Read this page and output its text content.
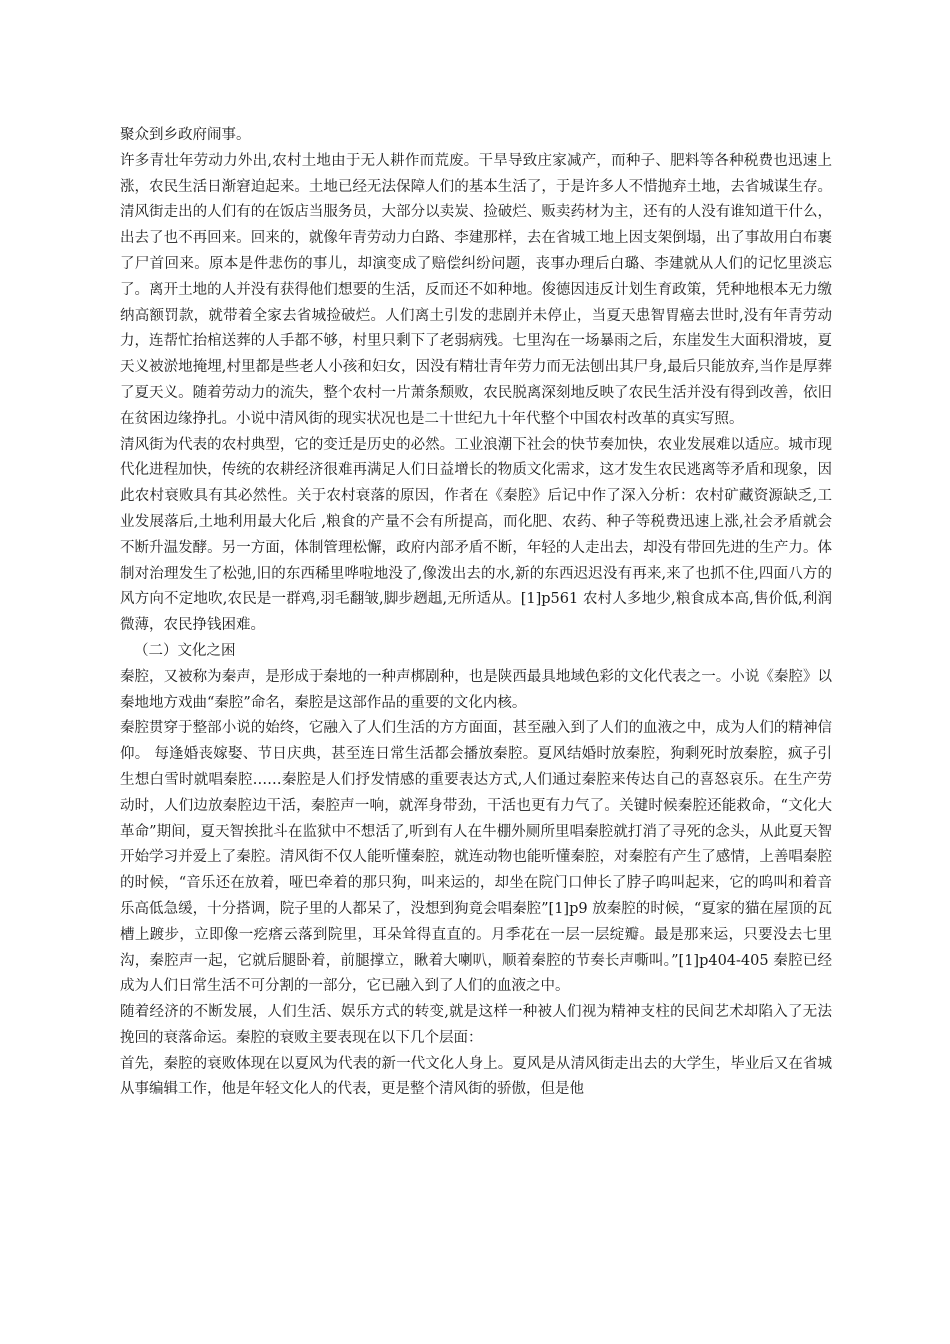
聚众到乡政府闹事。

许多青壮年劳动力外出,农村土地由于无人耕作而荒废。干旱导致庄家减产，而种子、肥料等各种税费也迅速上涨，农民生活日渐窘迫起来。土地已经无法保障人们的基本生活了，于是许多人不惜抛弃土地，去省城谋生存。清风街走出的人们有的在饭店当服务员，大部分以卖炭、捡破烂、贩卖药材为主，还有的人没有谁知道干什么，出去了也不再回来。回来的，就像年青劳动力白路、李建那样，去在省城工地上因支架倒塌，出了事故用白布裹了尸首回来。原本是件悲伤的事儿，却演变成了赔偿纠纷问题，丧事办理后白璐、李建就从人们的记忆里淡忘了。离开土地的人并没有获得他们想要的生活，反而还不如种地。俊德因违反计划生育政策，凭种地根本无力缴纳高额罚款，就带着全家去省城捡破烂。人们离土引发的悲剧并未停止，当夏天患智胃癌去世时,没有年青劳动力，连帮忙抬棺送葬的人手都不够，村里只剩下了老弱病残。七里沟在一场暴雨之后，东崖发生大面积滑坡，夏天义被淤地掩埋,村里都是些老人小孩和妇女，因没有精壮青年劳力而无法刨出其尸身,最后只能放弃,当作是厚葬了夏天义。随着劳动力的流失，整个农村一片萧条颓败，农民脱离深刻地反映了农民生活并没有得到改善，依旧在贫困边缘挣扎。小说中清风街的现实状况也是二十世纪九十年代整个中国农村改革的真实写照。

清风街为代表的农村典型，它的变迁是历史的必然。工业浪潮下社会的快节奏加快，农业发展难以适应。城市现代化进程加快，传统的农耕经济很难再满足人们日益增长的物质文化需求，这才发生农民逃离等矛盾和现象，因此农村衰败具有其必然性。关于农村衰落的原因，作者在《秦腔》后记中作了深入分析：农村矿藏资源缺乏,工业发展落后,土地利用最大化后 ,粮食的产量不会有所提高，而化肥、农药、种子等税费迅速上涨,社会矛盾就会不断升温发酵。另一方面，体制管理松懈，政府内部矛盾不断，年轻的人走出去，却没有带回先进的生产力。体制对治理发生了松弛,旧的东西稀里哗啦地没了,像泼出去的水,新的东西迟迟没有再来,来了也抓不住,四面八方的风方向不定地吹,农民是一群鸡,羽毛翻皱,脚步趔趄,无所适从。[1]p561 农村人多地少,粮食成本高,售价低,利润微薄，农民挣钱困难。

（二）文化之困

秦腔，又被称为秦声，是形成于秦地的一种声梆剧种，也是陕西最具地域色彩的文化代表之一。小说《秦腔》以秦地地方戏曲“秦腔”命名，秦腔是这部作品的重要的文化内核。

秦腔贯穿于整部小说的始终，它融入了人们生活的方方面面，甚至融入到了人们的血液之中，成为人们的精神信仰。 每逢婚丧嫁娶、节日庆典，甚至连日常生活都会播放秦腔。夏风结婚时放秦腔，狗剩死时放秦腔，疯子引生想白雪时就唱秦腔……秦腔是人们抒发情感的重要表达方式,人们通过秦腔来传达自己的喜怒哀乐。在生产劳动时，人们边放秦腔边干活，秦腔声一响，就浑身带劲，干活也更有力气了。关键时候秦腔还能救命，“文化大革命”期间，夏天智挨批斗在监狱中不想活了,听到有人在牛棚外厕所里唱秦腔就打消了寻死的念头，从此夏天智开始学习并爱上了秦腔。清风街不仅人能听懂秦腔，就连动物也能听懂秦腔，对秦腔有产生了感情，上善唱秦腔的时候，“音乐还在放着，哑巴牵着的那只狗，叫来运的，却坐在院门口伸长了脖子呜叫起来，它的呜叫和着音乐高低急缓，十分搭调，院子里的人都呆了，没想到狗竟会唱秦腔”[1]p9 放秦腔的时候，“夏家的猫在屋顶的瓦槽上踱步，立即像一疙瘩云落到院里，耳朵耸得直直的。月季花在一层一层绽瓣。最是那来运，只要没去七里沟，秦腔声一起，它就后腿卧着，前腿撑立，瞅着大喇叭，顺着秦腔的节奏长声嘶叫。”[1]p404-405 秦腔已经成为人们日常生活不可分割的一部分，它已融入到了人们的血液之中。

随着经济的不断发展，人们生活、娱乐方式的转变,就是这样一种被人们视为精神支柱的民间艺术却陷入了无法挽回的衰落命运。秦腔的衰败主要表现在以下几个层面：

首先，秦腔的衰败体现在以夏风为代表的新一代文化人身上。夏风是从清风街走出去的大学生，毕业后又在省城从事编辑工作，他是年轻文化人的代表，更是整个清风街的骄傲，但是他
